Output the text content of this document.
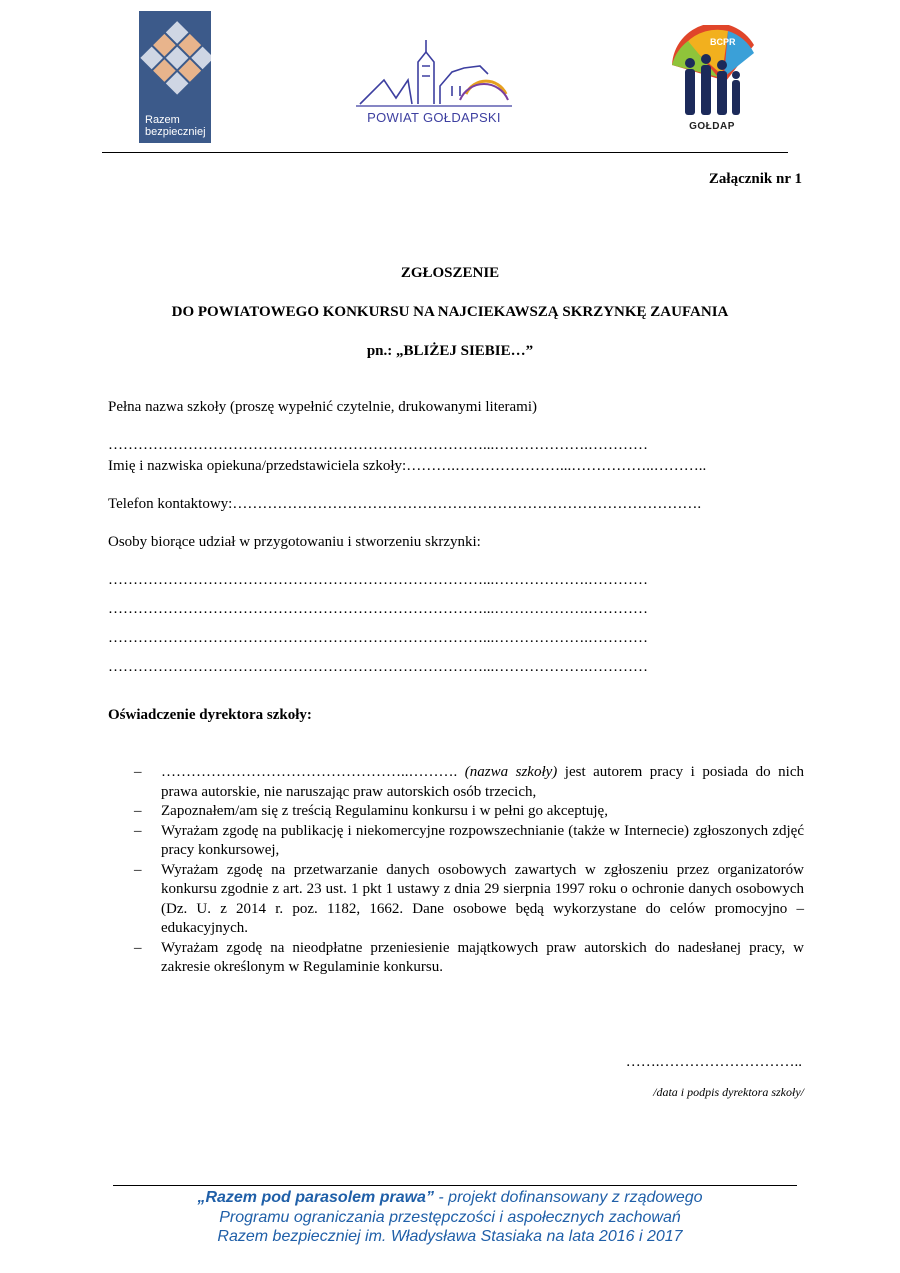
Razem bezpieczniej
POWIAT GOŁDAPSKI
BCPR
GOŁDAP
Załącznik nr 1
ZGŁOSZENIE
DO POWIATOWEGO KONKURSU NA NAJCIEKAWSZĄ SKRZYNKĘ ZAUFANIA
pn.: „BLIŻEJ SIEBIE…”
Pełna nazwa szkoły (proszę wypełnić czytelnie, drukowanymi literami)
…………………………………………………………………...……………….…………
Imię i nazwiska opiekuna/przedstawiciela szkoły:……….…………………...……………..………..
Telefon kontaktowy:………………………………………………………………………………….
Osoby biorące udział w przygotowaniu i stworzeniu skrzynki:
…………………………………………………………………...……………….…………
…………………………………………………………………...……………….…………
…………………………………………………………………...……………….…………
…………………………………………………………………...……………….…………
Oświadczenie dyrektora szkoły:
– …………………………………………..………. (nazwa szkoły) jest autorem pracy i posiada do nich prawa autorskie, nie naruszając praw autorskich osób trzecich,
– Zapoznałem/am się z treścią Regulaminu konkursu i w pełni go akceptuję,
– Wyrażam zgodę na publikację i niekomercyjne rozpowszechnianie (także w Internecie) zgłoszonych zdjęć pracy konkursowej,
– Wyrażam zgodę na przetwarzanie danych osobowych zawartych w zgłoszeniu przez organizatorów konkursu zgodnie z art. 23 ust. 1 pkt 1 ustawy z dnia 29 sierpnia 1997 roku o ochronie danych osobowych (Dz. U. z 2014 r. poz. 1182, 1662. Dane osobowe będą wykorzystane do celów promocyjno – edukacyjnych.
– Wyrażam zgodę na nieodpłatne przeniesienie majątkowych praw autorskich do nadesłanej pracy, w zakresie określonym w Regulaminie konkursu.
…….………………………..
/data i podpis dyrektora szkoły/
„Razem pod parasolem prawa” - projekt dofinansowany z rządowego
Programu ograniczania przestępczości i aspołecznych zachowań
Razem bezpieczniej im. Władysława Stasiaka na lata 2016 i 2017
